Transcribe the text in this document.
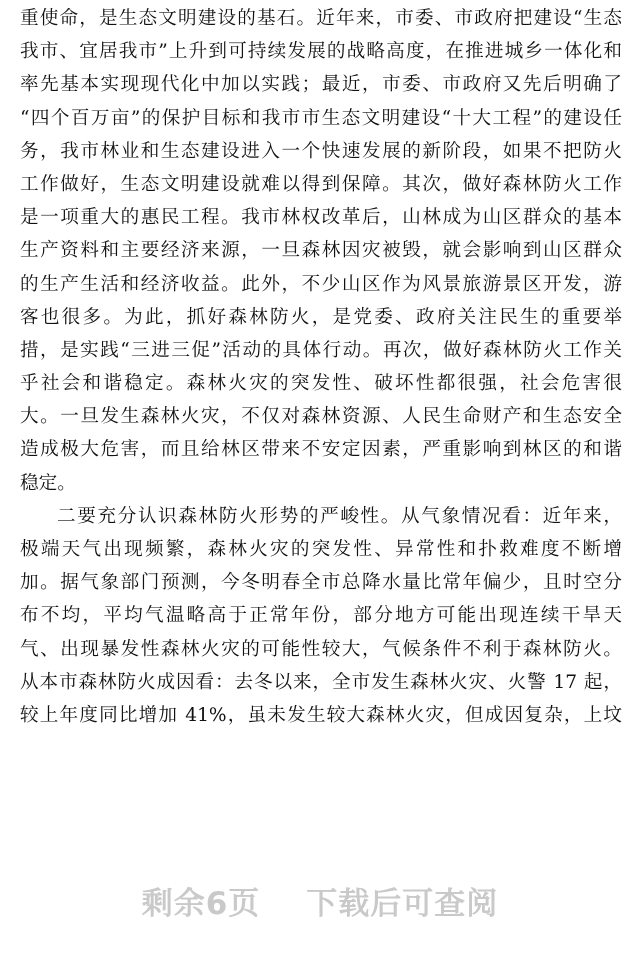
重使命，是生态文明建设的基石。近年来，市委、市政府把建设“生态
我市、宜居我市”上升到可持续发展的战略高度，在推进城乡一体化和
率先基本实现现代化中加以实践；最近，市委、市政府又先后明确了
“四个百万亩”的保护目标和我市市生态文明建设“十大工程”的建设任
务，我市林业和生态建设进入一个快速发展的新阶段，如果不把防火
工作做好，生态文明建设就难以得到保障。其次，做好森林防火工作
是一项重大的惠民工程。我市林权改革后，山林成为山区群众的基本
生产资料和主要经济来源，一旦森林因灾被毁，就会影响到山区群众
的生产生活和经济收益。此外，不少山区作为风景旅游景区开发，游
客也很多。为此，抓好森林防火，是党委、政府关注民生的重要举
措，是实践“三进三促”活动的具体行动。再次，做好森林防火工作关
乎社会和谐稳定。森林火灾的突发性、破坏性都很强，社会危害很
大。一旦发生森林火灾，不仅对森林资源、人民生命财产和生态安全
造成极大危害，而且给林区带来不安定因素，严重影响到林区的和谐
稳定。
二要充分认识森林防火形势的严峻性。从气象情况看：近年来，
极端天气出现频繁，森林火灾的突发性、异常性和扑救难度不断增
加。据气象部门预测，今冬明春全市总降水量比常年偏少，且时空分
布不均，平均气温略高于正常年份，部分地方可能出现连续干旱天
气、出现暴发性森林火灾的可能性较大，气候条件不利于森林防火。
从本市森林防火成因看：去冬以来，全市发生森林火灾、火警 17 起，
较上年度同比增加 41%，虽未发生较大森林火灾，但成因复杂，上坟
剩余6页 下载后可查阅
